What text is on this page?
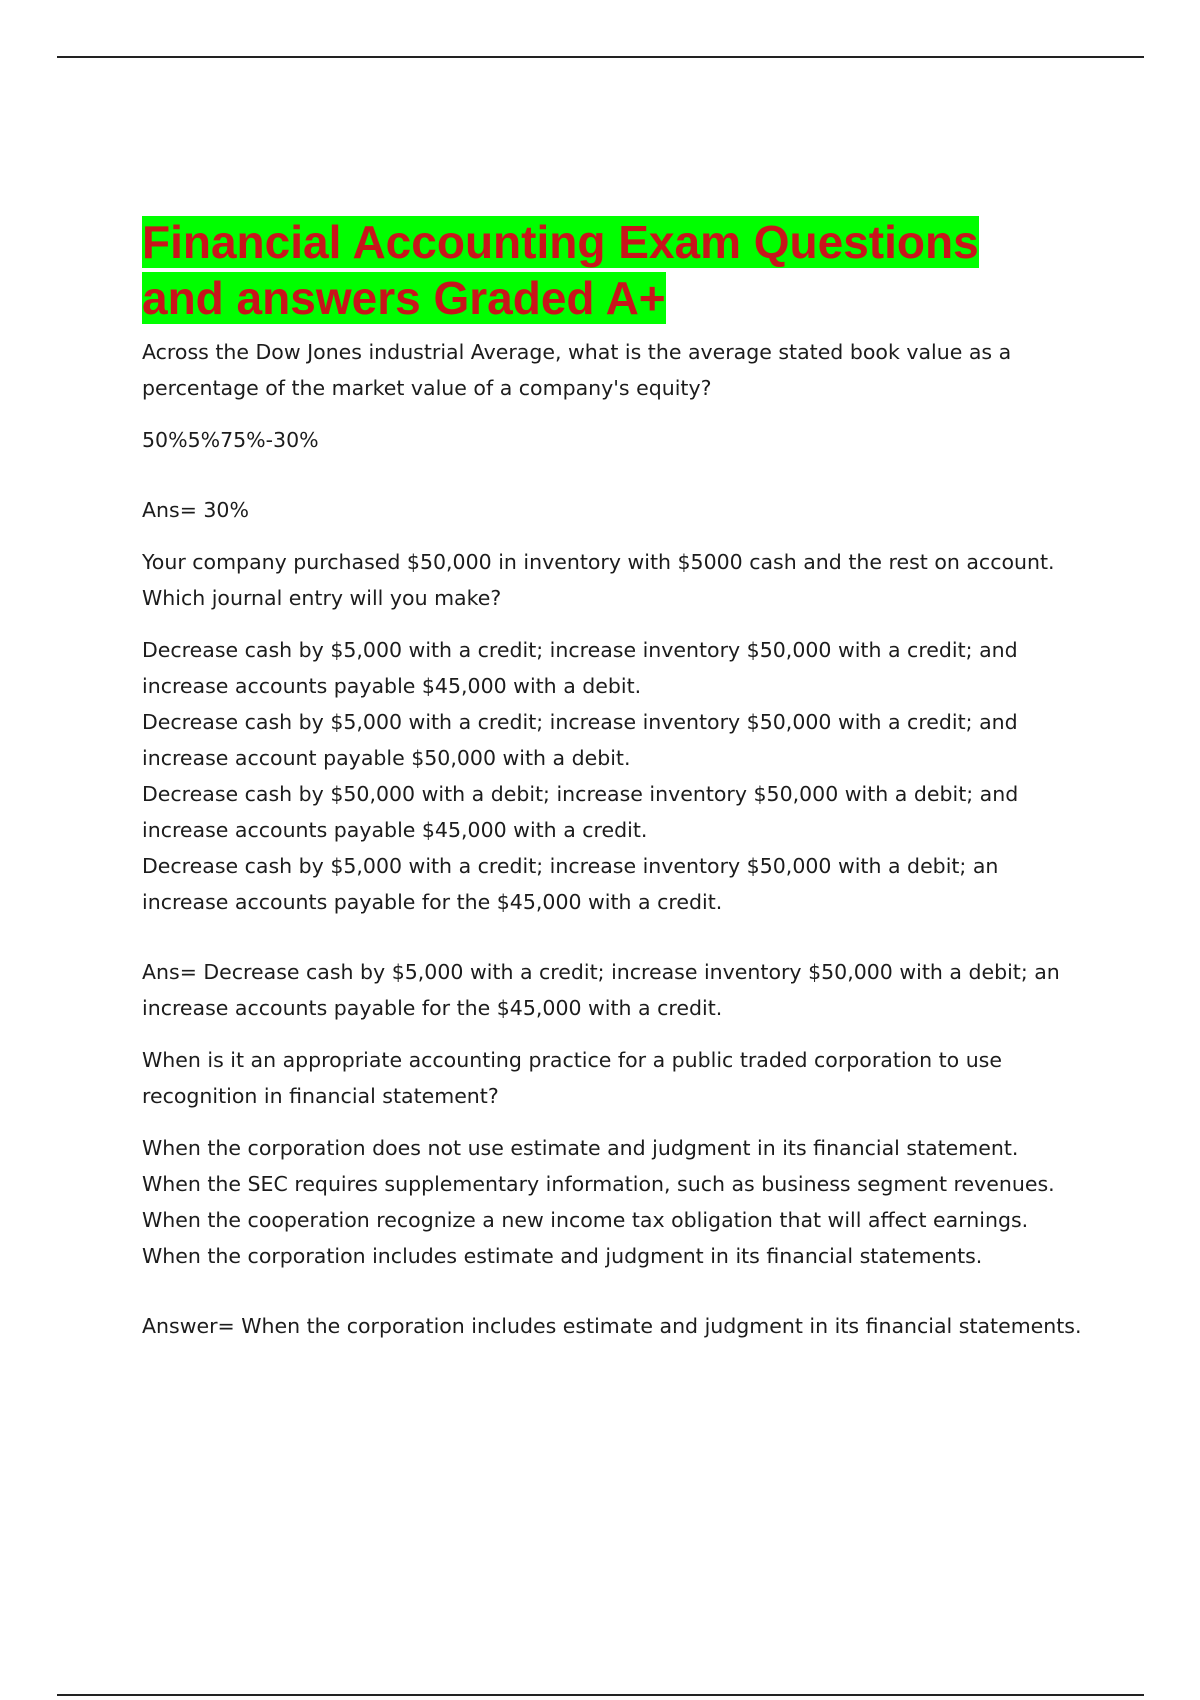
Financial Accounting Exam Questions
and answers Graded A+

Across the Dow Jones industrial Average, what is the average stated book value as a percentage of the market value of a company's equity?

50%5%75%-30%

Ans= 30%

Your company purchased $50,000 in inventory with $5000 cash and the rest on account. Which journal entry will you make?

Decrease cash by $5,000 with a credit; increase inventory $50,000 with a credit; and increase accounts payable $45,000 with a debit.

Decrease cash by $5,000 with a credit; increase inventory $50,000 with a credit; and increase account payable $50,000 with a debit.

Decrease cash by $50,000 with a debit; increase inventory $50,000 with a debit; and increase accounts payable $45,000 with a credit.

Decrease cash by $5,000 with a credit; increase inventory $50,000 with a debit; an increase accounts payable for the $45,000 with a credit.

Ans= Decrease cash by $5,000 with a credit; increase inventory $50,000 with a debit; an increase accounts payable for the $45,000 with a credit.

When is it an appropriate accounting practice for a public traded corporation to use recognition in financial statement?

When the corporation does not use estimate and judgment in its financial statement.

When the SEC requires supplementary information, such as business segment revenues.

When the cooperation recognize a new income tax obligation that will affect earnings.

When the corporation includes estimate and judgment in its financial statements.

Answer= When the corporation includes estimate and judgment in its financial statements.
